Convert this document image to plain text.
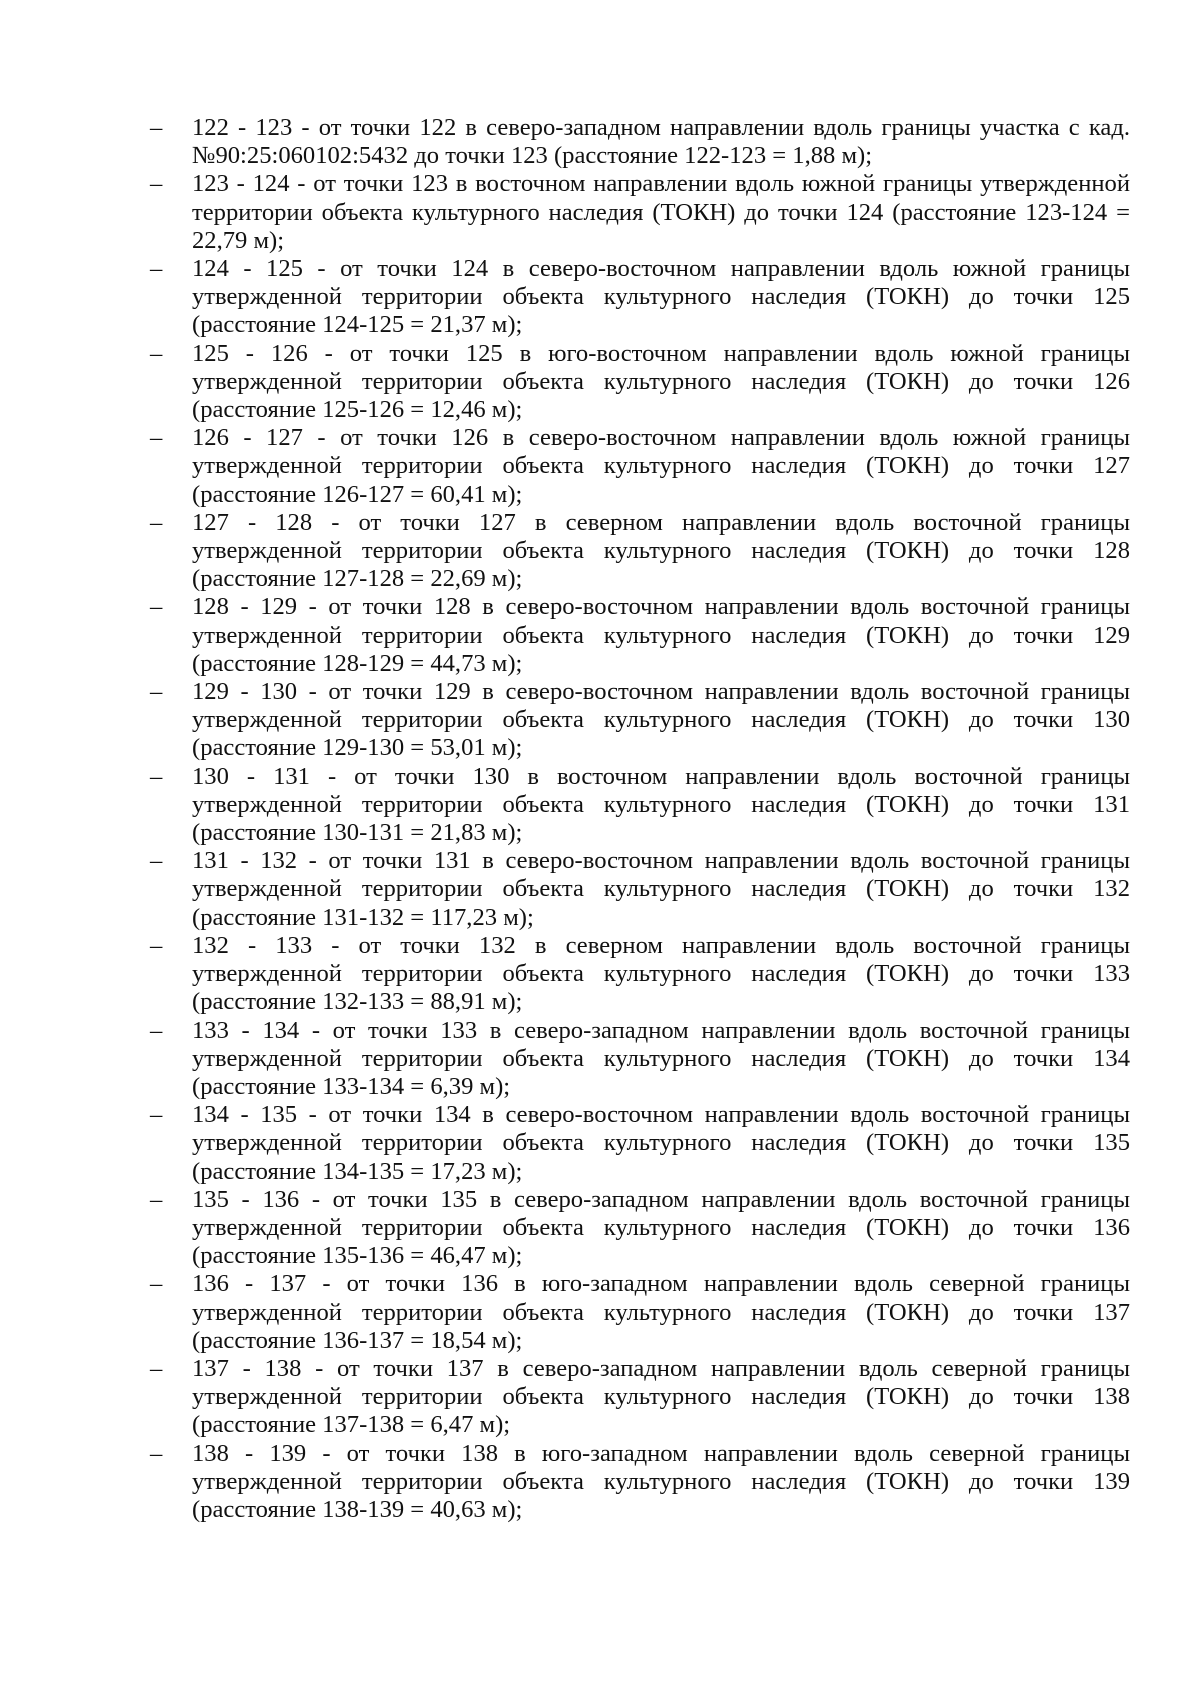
–	122 - 123 - от точки 122 в северо-западном направлении вдоль границы участка с кад. №90:25:060102:5432 до точки 123 (расстояние 122-123 = 1,88 м);
–	123 - 124 - от точки 123 в восточном направлении вдоль южной границы утвержденной территории объекта культурного наследия (ТОКН) до точки 124 (расстояние 123-124 = 22,79 м);
–	124 - 125 - от точки 124 в северо-восточном направлении вдоль южной границы утвержденной территории объекта культурного наследия (ТОКН) до точки 125 (расстояние 124-125 = 21,37 м);
–	125 - 126 - от точки 125 в юго-восточном направлении вдоль южной границы утвержденной территории объекта культурного наследия (ТОКН) до точки 126 (расстояние 125-126 = 12,46 м);
–	126 - 127 - от точки 126 в северо-восточном направлении вдоль южной границы утвержденной территории объекта культурного наследия (ТОКН) до точки 127 (расстояние 126-127 = 60,41 м);
–	127 - 128 - от точки 127 в северном направлении вдоль восточной границы утвержденной территории объекта культурного наследия (ТОКН) до точки 128 (расстояние 127-128 = 22,69 м);
–	128 - 129 - от точки 128 в северо-восточном направлении вдоль восточной границы утвержденной территории объекта культурного наследия (ТОКН) до точки 129 (расстояние 128-129 = 44,73 м);
–	129 - 130 - от точки 129 в северо-восточном направлении вдоль восточной границы утвержденной территории объекта культурного наследия (ТОКН) до точки 130 (расстояние 129-130 = 53,01 м);
–	130 - 131 - от точки 130 в восточном направлении вдоль восточной границы утвержденной территории объекта культурного наследия (ТОКН) до точки 131 (расстояние 130-131 = 21,83 м);
–	131 - 132 - от точки 131 в северо-восточном направлении вдоль восточной границы утвержденной территории объекта культурного наследия (ТОКН) до точки 132 (расстояние 131-132 = 117,23 м);
–	132 - 133 - от точки 132 в северном направлении вдоль восточной границы утвержденной территории объекта культурного наследия (ТОКН) до точки 133 (расстояние 132-133 = 88,91 м);
–	133 - 134 - от точки 133 в северо-западном направлении вдоль восточной границы утвержденной территории объекта культурного наследия (ТОКН) до точки 134 (расстояние 133-134 = 6,39 м);
–	134 - 135 - от точки 134 в северо-восточном направлении вдоль восточной границы утвержденной территории объекта культурного наследия (ТОКН) до точки 135 (расстояние 134-135 = 17,23 м);
–	135 - 136 - от точки 135 в северо-западном направлении вдоль восточной границы утвержденной территории объекта культурного наследия (ТОКН) до точки 136 (расстояние 135-136 = 46,47 м);
–	136 - 137 - от точки 136 в юго-западном направлении вдоль северной границы утвержденной территории объекта культурного наследия (ТОКН) до точки 137 (расстояние 136-137 = 18,54 м);
–	137 - 138 - от точки 137 в северо-западном направлении вдоль северной границы утвержденной территории объекта культурного наследия (ТОКН) до точки 138 (расстояние 137-138 = 6,47 м);
–	138 - 139 - от точки 138 в юго-западном направлении вдоль северной границы утвержденной территории объекта культурного наследия (ТОКН) до точки 139 (расстояние 138-139 = 40,63 м);
